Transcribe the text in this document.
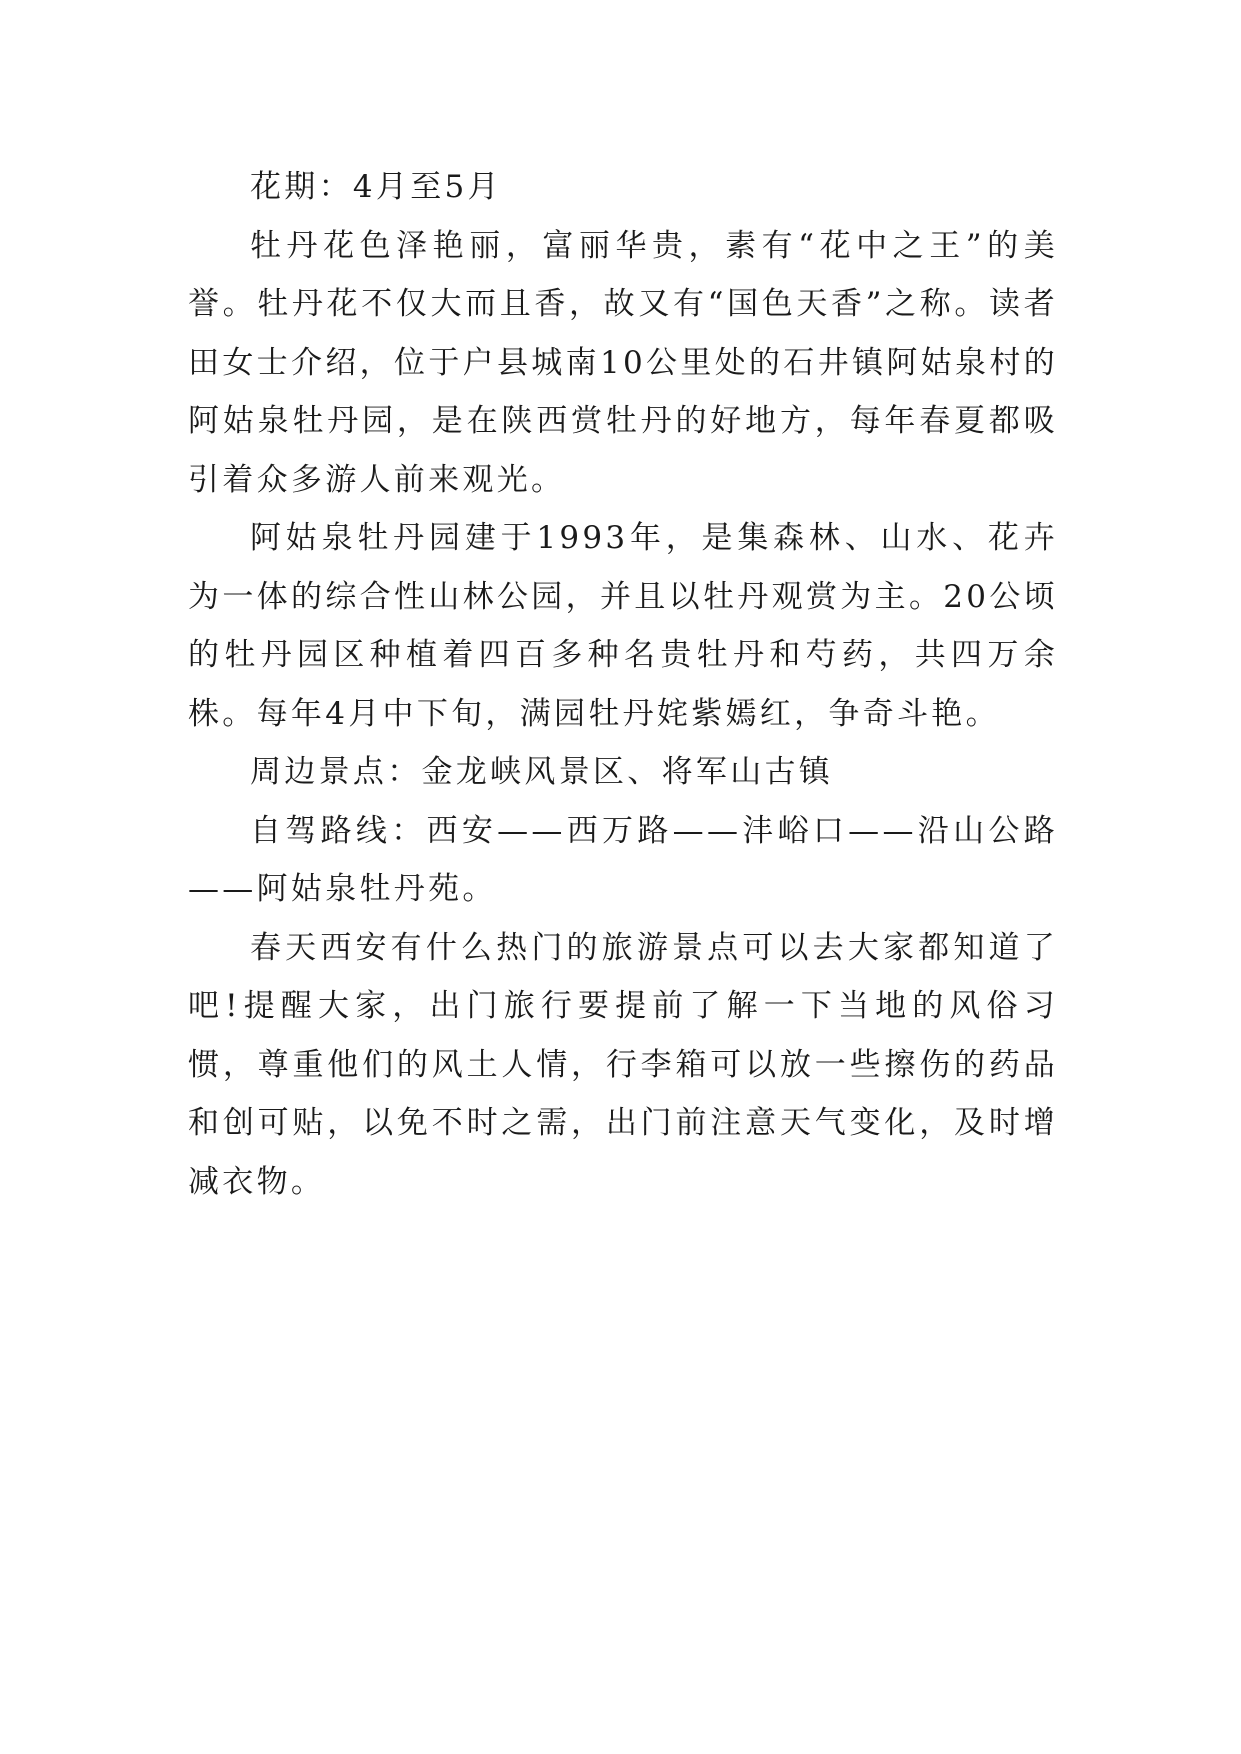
花期：4月至5月

牡丹花色泽艳丽，富丽华贵，素有“花中之王”的美誉。牡丹花不仅大而且香，故又有“国色天香”之称。读者田女士介绍，位于户县城南10公里处的石井镇阿姑泉村的阿姑泉牡丹园，是在陕西赏牡丹的好地方，每年春夏都吸引着众多游人前来观光。

阿姑泉牡丹园建于1993年，是集森林、山水、花卉为一体的综合性山林公园，并且以牡丹观赏为主。20公顷的牡丹园区种植着四百多种名贵牡丹和芍药，共四万余株。每年4月中下旬，满园牡丹姹紫嫣红，争奇斗艳。

周边景点：金龙峡风景区、将军山古镇

自驾路线：西安——西万路——沣峪口——沿山公路——阿姑泉牡丹苑。

春天西安有什么热门的旅游景点可以去大家都知道了吧!提醒大家，出门旅行要提前了解一下当地的风俗习惯，尊重他们的风土人情，行李箱可以放一些擦伤的药品和创可贴，以免不时之需，出门前注意天气变化，及时增减衣物。
